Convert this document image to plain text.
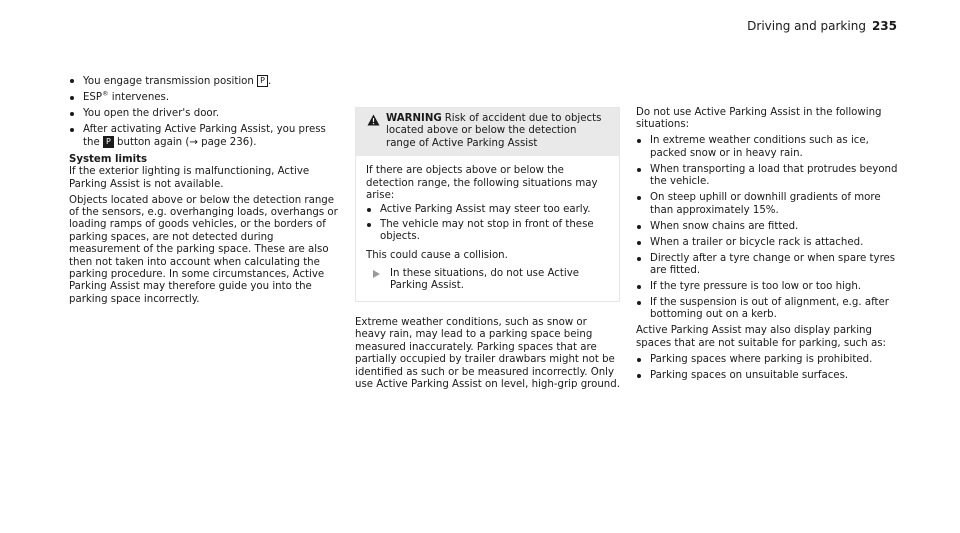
Driving and parking 235
You engage transmission position P .
ESP® intervenes.
You open the driver's door.
After activating Active Parking Assist, you press the P button again (→ page 236).
System limits

If the exterior lighting is malfunctioning, Active Parking Assist is not available.

Objects located above or below the detection range of the sensors, e.g. overhanging loads, overhangs or loading ramps of goods vehicles, or the borders of parking spaces, are not detected during measurement of the parking space. These are also then not taken into account when calculating the parking procedure. In some circumstances, Active Parking Assist may therefore guide you into the parking space incorrectly.

WARNING Risk of accident due to objects located above or below the detection range of Active Parking Assist

If there are objects above or below the detection range, the following situations may arise:

Active Parking Assist may steer too early.
The vehicle may not stop in front of these objects.

This could cause a collision.

In these situations, do not use Active Parking Assist.

Extreme weather conditions, such as snow or heavy rain, may lead to a parking space being measured inaccurately. Parking spaces that are partially occupied by trailer drawbars might not be identified as such or be measured incorrectly. Only use Active Parking Assist on level, high-grip ground.

Do not use Active Parking Assist in the following situations:

In extreme weather conditions such as ice, packed snow or in heavy rain.
When transporting a load that protrudes beyond the vehicle.
On steep uphill or downhill gradients of more than approximately 15%.
When snow chains are fitted.
When a trailer or bicycle rack is attached.
Directly after a tyre change or when spare tyres are fitted.
If the tyre pressure is too low or too high.
If the suspension is out of alignment, e.g. after bottoming out on a kerb.

Active Parking Assist may also display parking spaces that are not suitable for parking, such as:

Parking spaces where parking is prohibited.
Parking spaces on unsuitable surfaces.
